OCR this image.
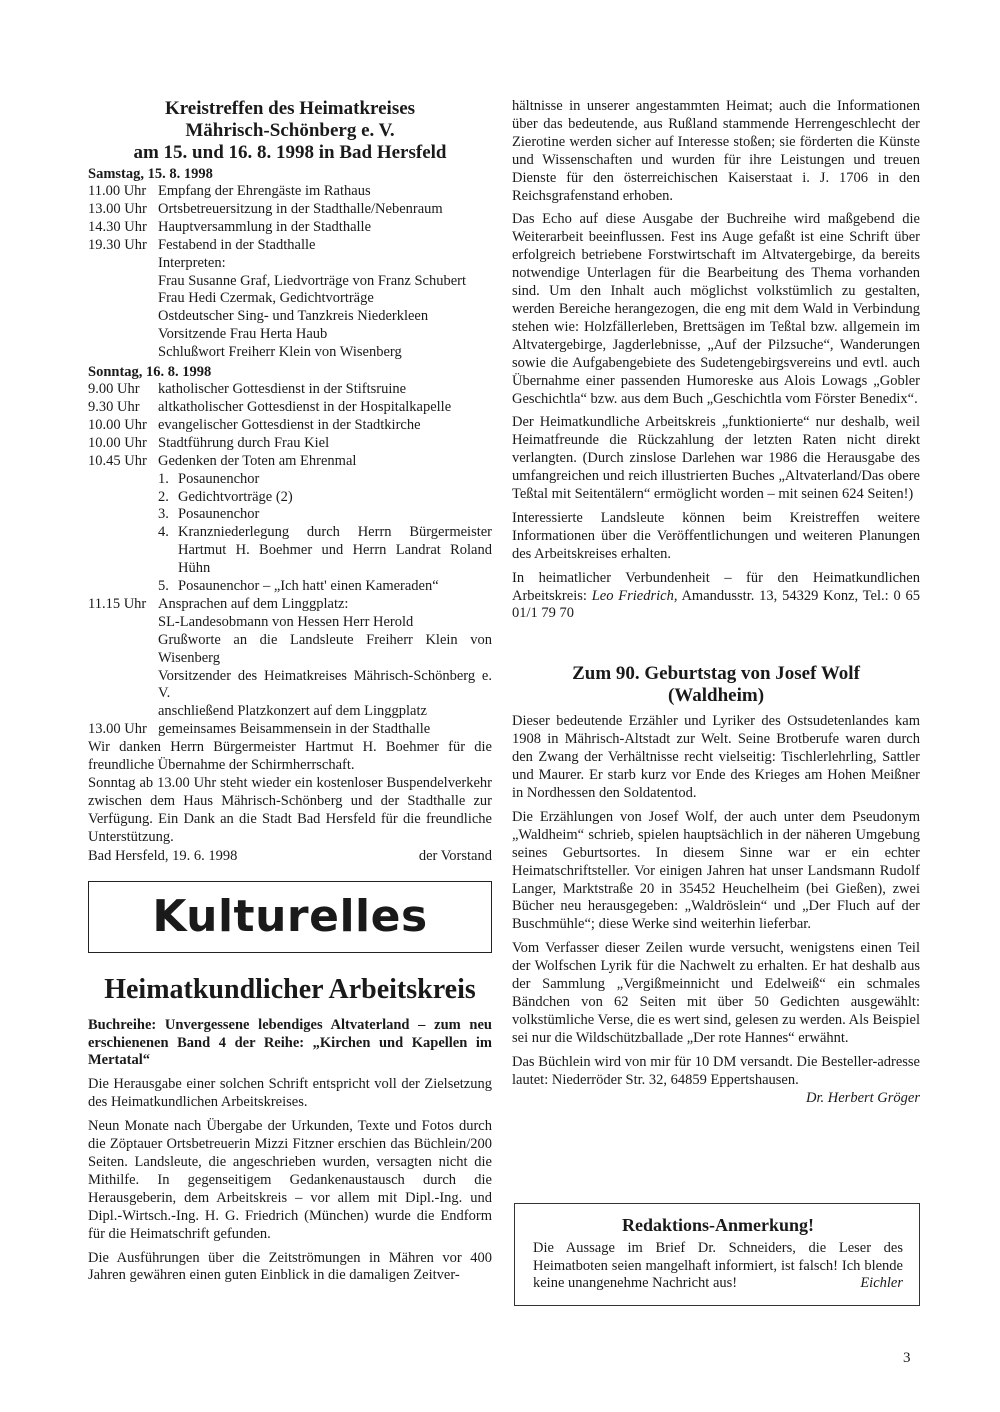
Kreistreffen des Heimatkreises
Mährisch-Schönberg e. V.
am 15. und 16. 8. 1998 in Bad Hersfeld
Samstag, 15. 8. 1998
11.00 Uhr Empfang der Ehrengäste im Rathaus
13.00 Uhr Ortsbetreuersitzung in der Stadthalle/Nebenraum
14.30 Uhr Hauptversammlung in der Stadthalle
19.30 Uhr Festabend in der Stadthalle
Interpreten:
Frau Susanne Graf, Liedvorträge von Franz Schubert
Frau Hedi Czermak, Gedichtvorträge
Ostdeutscher Sing- und Tanzkreis Niederkleen
Vorsitzende Frau Herta Haub
Schlußwort Freiherr Klein von Wisenberg
Sonntag, 16. 8. 1998
9.00 Uhr	katholischer Gottesdienst in der Stiftsruine
9.30 Uhr	altkatholischer Gottesdienst in der Hospitalkapelle
10.00 Uhr evangelischer Gottesdienst in der Stadtkirche
10.00 Uhr Stadtführung durch Frau Kiel
10.45 Uhr Gedenken der Toten am Ehrenmal
1. Posaunenchor
2. Gedichtvorträge (2)
3. Posaunenchor
4. Kranzniederlegung durch Herrn Bürgermeister Hartmut H. Boehmer und Herrn Landrat Roland Hühn
5. Posaunenchor – „Ich hatt' einen Kameraden“
11.15 Uhr Ansprachen auf dem Linggplatz:
SL-Landesobmann von Hessen Herr Herold
Grußworte an die Landsleute Freiherr Klein von Wisenberg
Vorsitzender des Heimatkreises Mährisch-Schönberg e. V.
anschließend Platzkonzert auf dem Linggplatz
13.00 Uhr gemeinsames Beisammensein in der Stadthalle

Wir danken Herrn Bürgermeister Hartmut H. Boehmer für die freundliche Übernahme der Schirmherrschaft.

Sonntag ab 13.00 Uhr steht wieder ein kostenloser Buspendelverkehr zwischen dem Haus Mährisch-Schönberg und der Stadthalle zur Verfügung. Ein Dank an die Stadt Bad Hersfeld für die freundliche Unterstützung.

Bad Hersfeld, 19. 6. 1998	der Vorstand
Kulturelles
Heimatkundlicher Arbeitskreis
Buchreihe: Unvergessene lebendiges Altvaterland – zum neu erschienenen Band 4 der Reihe: „Kirchen und Kapellen im Mertatal“

Die Herausgabe einer solchen Schrift entspricht voll der Zielsetzung des Heimatkundlichen Arbeitskreises.

Neun Monate nach Übergabe der Urkunden, Texte und Fotos durch die Zöptauer Ortsbetreuerin Mizzi Fitzner erschien das Büchlein/200 Seiten. Landsleute, die angeschrieben wurden, versagten nicht die Mithilfe. In gegenseitigem Gedankenaustausch durch die Herausgeberin, dem Arbeitskreis – vor allem mit Dipl.-Ing. und Dipl.-Wirtsch.-Ing. H. G. Friedrich (München) wurde die Endform für die Heimatschrift gefunden.

Die Ausführungen über die Zeitströmungen in Mähren vor 400 Jahren gewähren einen guten Einblick in die damaligen Zeitver-

hältnisse in unserer angestammten Heimat; auch die Informationen über das bedeutende, aus Rußland stammende Herrengeschlecht der Zierotine werden sicher auf Interesse stoßen; sie förderten die Künste und Wissenschaften und wurden für ihre Leistungen und treuen Dienste für den österreichischen Kaiserstaat i. J. 1706 in den Reichsgrafenstand erhoben.

Das Echo auf diese Ausgabe der Buchreihe wird maßgebend die Weiterarbeit beeinflussen. Fest ins Auge gefaßt ist eine Schrift über erfolgreich betriebene Forstwirtschaft im Altvatergebirge, da bereits notwendige Unterlagen für die Bearbeitung des Thema vorhanden sind. Um den Inhalt auch möglichst volkstümlich zu gestalten, werden Bereiche herangezogen, die eng mit dem Wald in Verbindung stehen wie: Holzfällerleben, Brettsägen im Teßtal bzw. allgemein im Altvatergebirge, Jagderlebnisse, „Auf der Pilzsuche“, Wanderungen sowie die Aufgabengebiete des Sudetengebirgsvereins und evtl. auch Übernahme einer passenden Humoreske aus Alois Lowags „Gobler Geschichtla“ bzw. aus dem Buch „Geschichtla vom Förster Benedix“.

Der Heimatkundliche Arbeitskreis „funktionierte“ nur deshalb, weil Heimatfreunde die Rückzahlung der letzten Raten nicht direkt verlangten. (Durch zinslose Darlehen war 1986 die Herausgabe des umfangreichen und reich illustrierten Buches „Altvaterland/Das obere Teßtal mit Seitentälern“ ermöglicht worden – mit seinen 624 Seiten!)

Interessierte Landsleute können beim Kreistreffen weitere Informationen über die Veröffentlichungen und weiteren Planungen des Arbeitskreises erhalten.

In heimatlicher Verbundenheit – für den Heimatkundlichen Arbeitskreis: Leo Friedrich, Amandusstr. 13, 54329 Konz, Tel.: 0 65 01/1 79 70

Zum 90. Geburtstag von Josef Wolf
(Waldheim)

Dieser bedeutende Erzähler und Lyriker des Ostsudetenlandes kam 1908 in Mährisch-Altstadt zur Welt. Seine Brotberufe waren durch den Zwang der Verhältnisse recht vielseitig: Tischlerlehrling, Sattler und Maurer. Er starb kurz vor Ende des Krieges am Hohen Meißner in Nordhessen den Soldatentod.

Die Erzählungen von Josef Wolf, der auch unter dem Pseudonym „Waldheim“ schrieb, spielen hauptsächlich in der näheren Umgebung seines Geburtsortes. In diesem Sinne war er ein echter Heimatschriftsteller. Vor einigen Jahren hat unser Landsmann Rudolf Langer, Marktstraße 20 in 35452 Heuchelheim (bei Gießen), zwei Bücher neu herausgegeben: „Waldröslein“ und „Der Fluch auf der Buschmühle“; diese Werke sind weiterhin lieferbar.

Vom Verfasser dieser Zeilen wurde versucht, wenigstens einen Teil der Wolfschen Lyrik für die Nachwelt zu erhalten. Er hat deshalb aus der Sammlung „Vergißmeinnicht und Edelweiß“ ein schmales Bändchen von 62 Seiten mit über 50 Gedichten ausgewählt: volkstümliche Verse, die es wert sind, gelesen zu werden. Als Beispiel sei nur die Wildschützballade „Der rote Hannes“ erwähnt.

Das Büchlein wird von mir für 10 DM versandt. Die Besteller-adresse lautet: Niederröder Str. 32, 64859 Eppertshausen.

Dr. Herbert Gröger
Redaktions-Anmerkung!
Die Aussage im Brief Dr. Schneiders, die Leser des Heimatboten seien mangelhaft informiert, ist falsch! Ich blende keine unangenehme Nachricht aus!	Eichler
3
